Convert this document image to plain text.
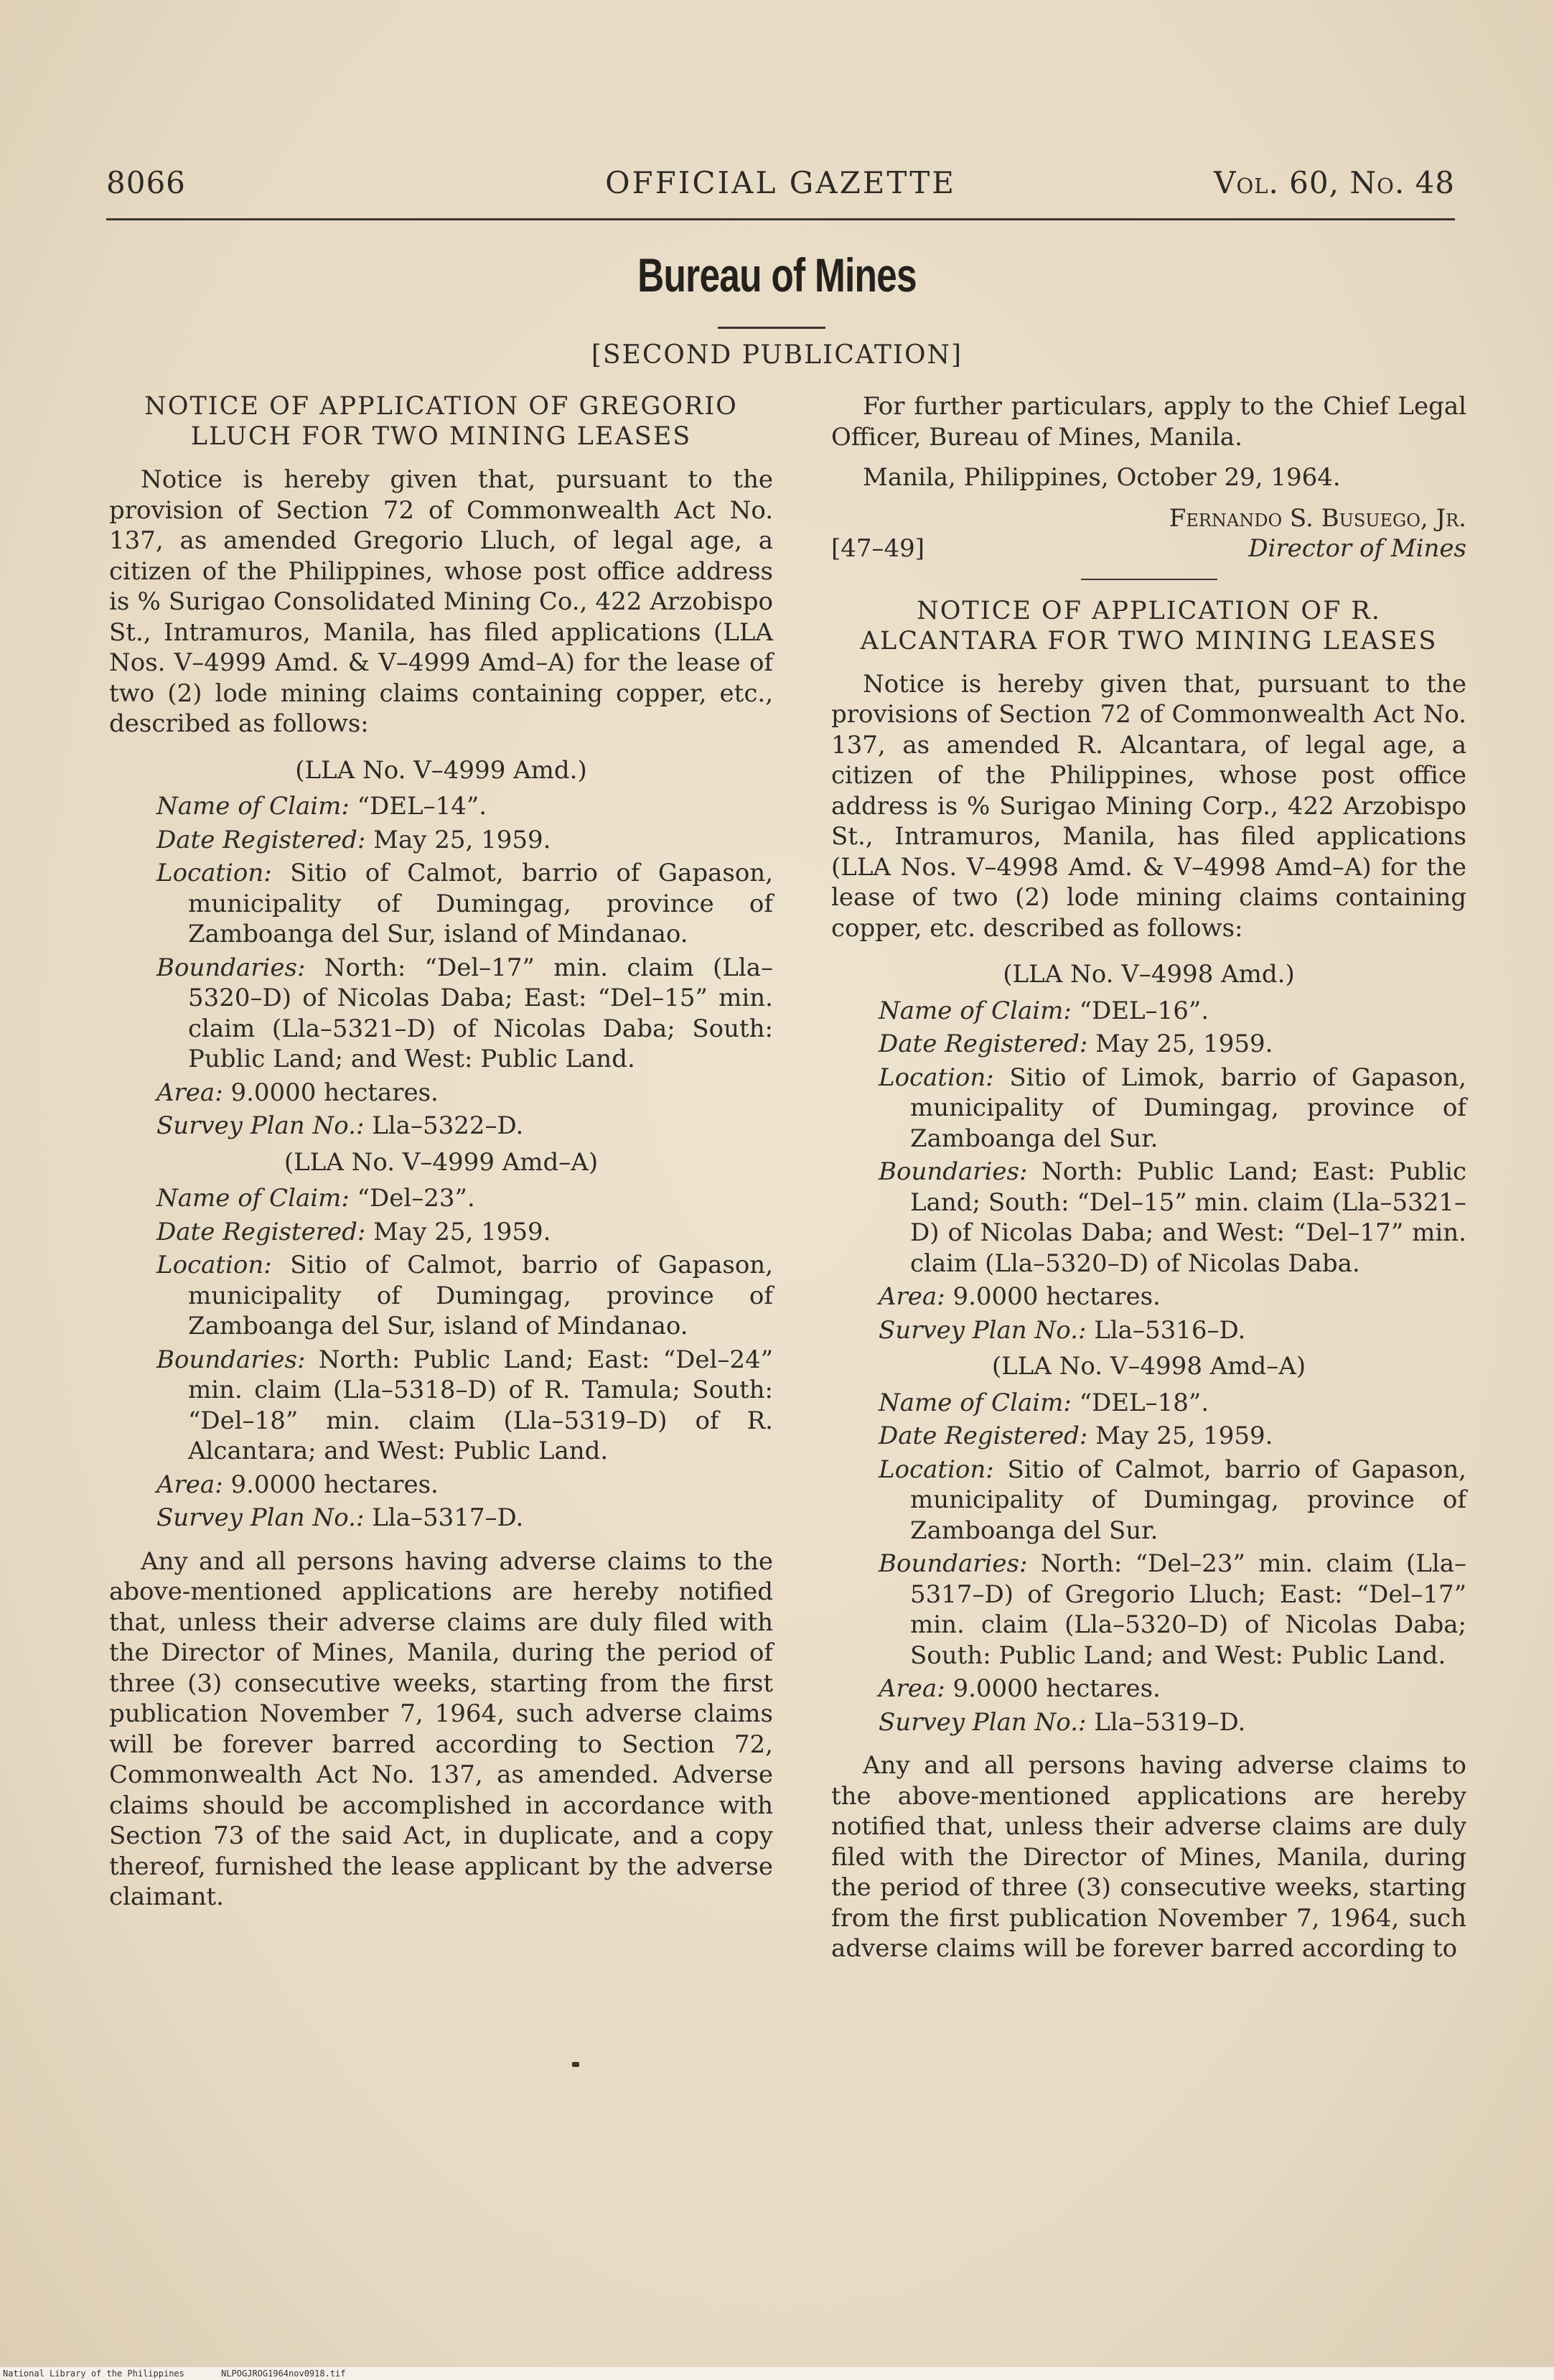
8066	OFFICIAL GAZETTE	Vol. 60, No. 48
Bureau of Mines
[SECOND PUBLICATION]

NOTICE OF APPLICATION OF GREGORIO LLUCH FOR TWO MINING LEASES

Notice is hereby given that, pursuant to the provision of Section 72 of Commonwealth Act No. 137, as amended Gregorio Lluch, of legal age, a citizen of the Philippines, whose post office address is % Surigao Consolidated Mining Co., 422 Arzobispo St., Intramuros, Manila, has filed applications (LLA Nos. V–4999 Amd. & V–4999 Amd–A) for the lease of two (2) lode mining claims containing copper, etc., described as follows:

(LLA No. V–4999 Amd.)

Name of Claim: “DEL–14”.

Date Registered: May 25, 1959.

Location: Sitio of Calmot, barrio of Gapason, municipality of Dumingag, province of Zamboanga del Sur, island of Mindanao.

Boundaries: North: “Del–17” min. claim (Lla–5320–D) of Nicolas Daba; East: “Del–15” min. claim (Lla–5321–D) of Nicolas Daba; South: Public Land; and West: Public Land.

Area: 9.0000 hectares.

Survey Plan No.: Lla–5322–D.

(LLA No. V–4999 Amd–A)

Name of Claim: “Del–23”.

Date Registered: May 25, 1959.

Location: Sitio of Calmot, barrio of Gapason, municipality of Dumingag, province of Zamboanga del Sur, island of Mindanao.

Boundaries: North: Public Land; East: “Del–24” min. claim (Lla–5318–D) of R. Tamula; South: “Del–18” min. claim (Lla–5319–D) of R. Alcantara; and West: Public Land.

Area: 9.0000 hectares.

Survey Plan No.: Lla–5317–D.

Any and all persons having adverse claims to the above-mentioned applications are hereby notified that, unless their adverse claims are duly filed with the Director of Mines, Manila, during the period of three (3) consecutive weeks, starting from the first publication November 7, 1964, such adverse claims will be forever barred according to Section 72, Commonwealth Act No. 137, as amended. Adverse claims should be accomplished in accordance with Section 73 of the said Act, in duplicate, and a copy thereof, furnished the lease applicant by the adverse claimant.

For further particulars, apply to the Chief Legal Officer, Bureau of Mines, Manila.

Manila, Philippines, October 29, 1964.

Fernando S. Busuego, Jr.

[47–49]	Director of Mines

NOTICE OF APPLICATION OF R. ALCANTARA FOR TWO MINING LEASES

Notice is hereby given that, pursuant to the provisions of Section 72 of Commonwealth Act No. 137, as amended R. Alcantara, of legal age, a citizen of the Philippines, whose post office address is % Surigao Mining Corp., 422 Arzobispo St., Intramuros, Manila, has filed applications (LLA Nos. V–4998 Amd. & V–4998 Amd–A) for the lease of two (2) lode mining claims containing copper, etc. described as follows:

(LLA No. V–4998 Amd.)

Name of Claim: “DEL–16”.

Date Registered: May 25, 1959.

Location: Sitio of Limok, barrio of Gapason, municipality of Dumingag, province of Zamboanga del Sur.

Boundaries: North: Public Land; East: Public Land; South: “Del–15” min. claim (Lla–5321–D) of Nicolas Daba; and West: “Del–17” min. claim (Lla–5320–D) of Nicolas Daba.

Area: 9.0000 hectares.

Survey Plan No.: Lla–5316–D.

(LLA No. V–4998 Amd–A)

Name of Claim: “DEL–18”.

Date Registered: May 25, 1959.

Location: Sitio of Calmot, barrio of Gapason, municipality of Dumingag, province of Zamboanga del Sur.

Boundaries: North: “Del–23” min. claim (Lla–5317–D) of Gregorio Lluch; East: “Del–17” min. claim (Lla–5320–D) of Nicolas Daba; South: Public Land; and West: Public Land.

Area: 9.0000 hectares.

Survey Plan No.: Lla–5319–D.

Any and all persons having adverse claims to the above-mentioned applications are hereby notified that, unless their adverse claims are duly filed with the Director of Mines, Manila, during the period of three (3) consecutive weeks, starting from the first publication November 7, 1964, such adverse claims will be forever barred according to

National Library of the Philippines	NLPOGJROG1964nov0918.tif
